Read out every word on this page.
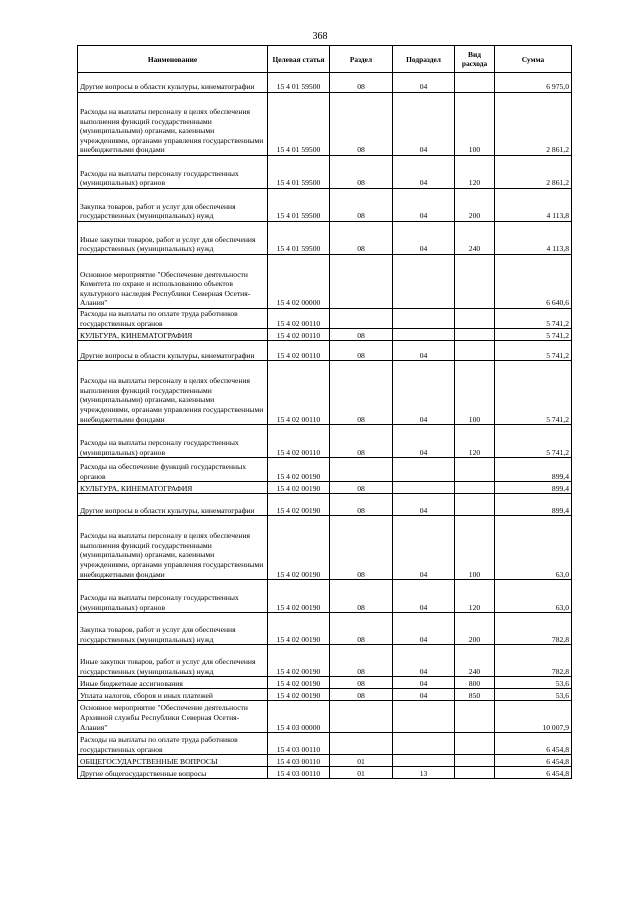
368
Наименование	Целевая статья	Раздел	Подраздел	Вид расхода	Сумма
Другие вопросы в области культуры, кинематографии	15 4 01 59500	08	04		6 975,0
Расходы на выплаты персоналу в целях обеспечения выполнения функций государственными (муниципальными) органами, казенными учреждениями, органами управления государственными внебюджетными фондами	15 4 01 59500	08	04	100	2 861,2
Расходы на выплаты персоналу государственных (муниципальных) органов	15 4 01 59500	08	04	120	2 861,2
Закупка товаров, работ и услуг для обеспечения государственных (муниципальных) нужд	15 4 01 59500	08	04	200	4 113,8
Иные закупки товаров, работ и услуг для обеспечения государственных (муниципальных) нужд	15 4 01 59500	08	04	240	4 113,8
Основное мероприятие "Обеспечение деятельности Комитета по охране и использованию объектов культурного наследия Республики Северная Осетия-Алания"	15 4 02 00000				6 640,6
Расходы на выплаты по оплате труда работников государственных органов	15 4 02 00110				5 741,2
КУЛЬТУРА, КИНЕМАТОГРАФИЯ	15 4 02 00110	08			5 741,2
Другие вопросы в области культуры, кинематографии	15 4 02 00110	08	04		5 741,2
Расходы на выплаты персоналу в целях обеспечения выполнения функций государственными (муниципальными) органами, казенными учреждениями, органами управления государственными внебюджетными фондами	15 4 02 00110	08	04	100	5 741,2
Расходы на выплаты персоналу государственных (муниципальных) органов	15 4 02 00110	08	04	120	5 741,2
Расходы на обеспечение функций государственных органов	15 4 02 00190				899,4
КУЛЬТУРА, КИНЕМАТОГРАФИЯ	15 4 02 00190	08			899,4
Другие вопросы в области культуры, кинематографии	15 4 02 00190	08	04		899,4
Расходы на выплаты персоналу в целях обеспечения выполнения функций государственными (муниципальными) органами, казенными учреждениями, органами управления государственными внебюджетными фондами	15 4 02 00190	08	04	100	63,0
Расходы на выплаты персоналу государственных (муниципальных) органов	15 4 02 00190	08	04	120	63,0
Закупка товаров, работ и услуг для обеспечения государственных (муниципальных) нужд	15 4 02 00190	08	04	200	782,8
Иные закупки товаров, работ и услуг для обеспечения государственных (муниципальных) нужд	15 4 02 00190	08	04	240	782,8
Иные бюджетные ассигнования	15 4 02 00190	08	04	800	53,6
Уплата налогов, сборов и иных платежей	15 4 02 00190	08	04	850	53,6
Основное мероприятие "Обеспечение деятельности Архивной службы Республики Северная Осетия-Алания"	15 4 03 00000				10 007,9
Расходы на выплаты по оплате труда работников государственных органов	15 4 03 00110				6 454,8
ОБЩЕГОСУДАРСТВЕННЫЕ ВОПРОСЫ	15 4 03 00110	01			6 454,8
Другие общегосударственные вопросы	15 4 03 00110	01	13		6 454,8
